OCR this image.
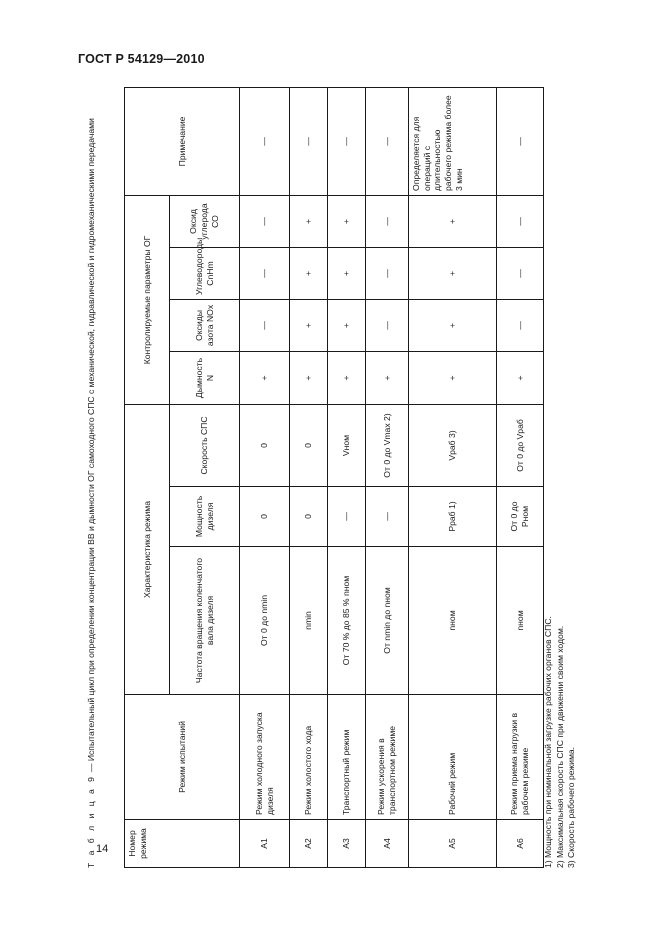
ГОСТ Р 54129—2010
Т а б л и ц а 9 — Испытательный цикл при определении концентрации ВВ и дымности ОГ самоходного СПС с механической, гидравлической и гидромеханическими передачами
Номер режима	Режим испытаний	Характеристика режима			Контролируемые параметры ОГ				Примечание
		Частота вращения коленчатого вала дизеля	Мощность дизеля	Скорость СПС	Дымность N	Оксиды азота NOx	Углеводороды CnHm	Оксид углерода СО	
А1	Режим холодного запуска дизеля	От 0 до nmin	0	0	+	—	—	—	—
А2	Режим холостого хода	nmin	0	0	+	+	+	+	—
А3	Транспортный режим	От 70 % до 85 % nном	—	Vном	+	+	+	+	—
А4	Режим ускорения в транспортном режиме	От nmin до nном	—	От 0 до Vmax 2)	+	—	—	—	—
А5	Рабочий режим	nном	Pраб 1)	Vраб 3)	+	+	+	+	Определяется для операций с длительностью рабочего режима более 3 мин
А6	Режим приема нагрузки в рабочем режиме	nном	От 0 до Pном	От 0 до Vраб	+	—	—	—	—
1) Мощность при номинальной загрузке рабочих органов СПС. 2) Максимальная скорость СПС при движении своим ходом. 3) Скорость рабочего режима.
14
